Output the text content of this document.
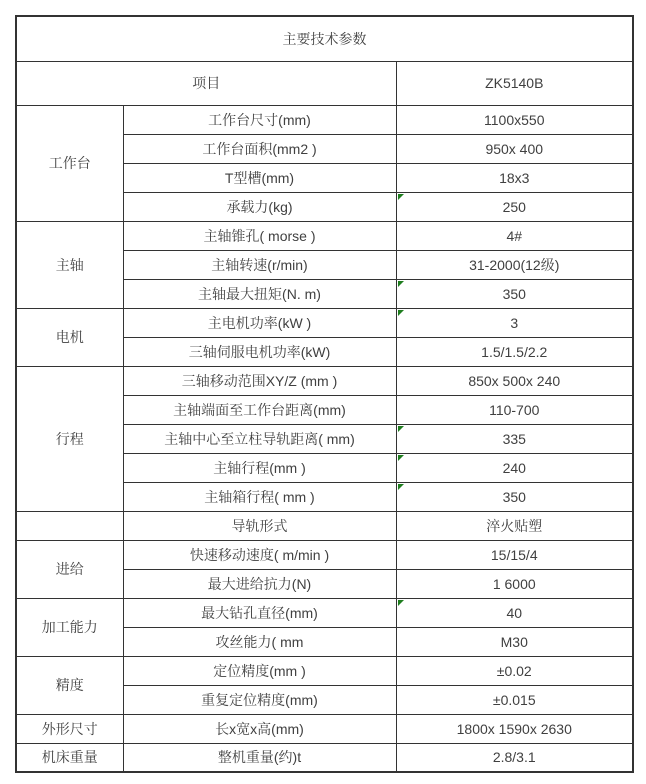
主要技术参数		
项目		ZK5140B
工作台	工作台尺寸(mm)	1100x550
	工作台面积(mm2 )	950x 400
	T型槽(mm)	18x3
	承载力(kg)	250
主轴	主轴锥孔( morse )	4#
	主轴转速(r/min)	31-2000(12级)
	主轴最大扭矩(N. m)	350
电机	主电机功率(kW )	3
	三轴伺服电机功率(kW)	1.5/1.5/2.2
行程	三轴移动范围XY/Z (mm )	850x 500x 240
	主轴端面至工作台距离(mm)	110-700
	主轴中心至立柱导轨距离( mm)	335
	主轴行程(mm )	240
	主轴箱行程( mm )	350
	导轨形式	淬火贴塑
进给	快速移动速度( m/min )	15/15/4
	最大进给抗力(N)	1 6000
加工能力	最大钻孔直径(mm)	40
	攻丝能力( mm	M30
精度	定位精度(mm )	±0.02
	重复定位精度(mm)	±0.015
外形尺寸	长x宽x高(mm)	1800x 1590x 2630
机床重量	整机重量(约)t	2.8/3.1
